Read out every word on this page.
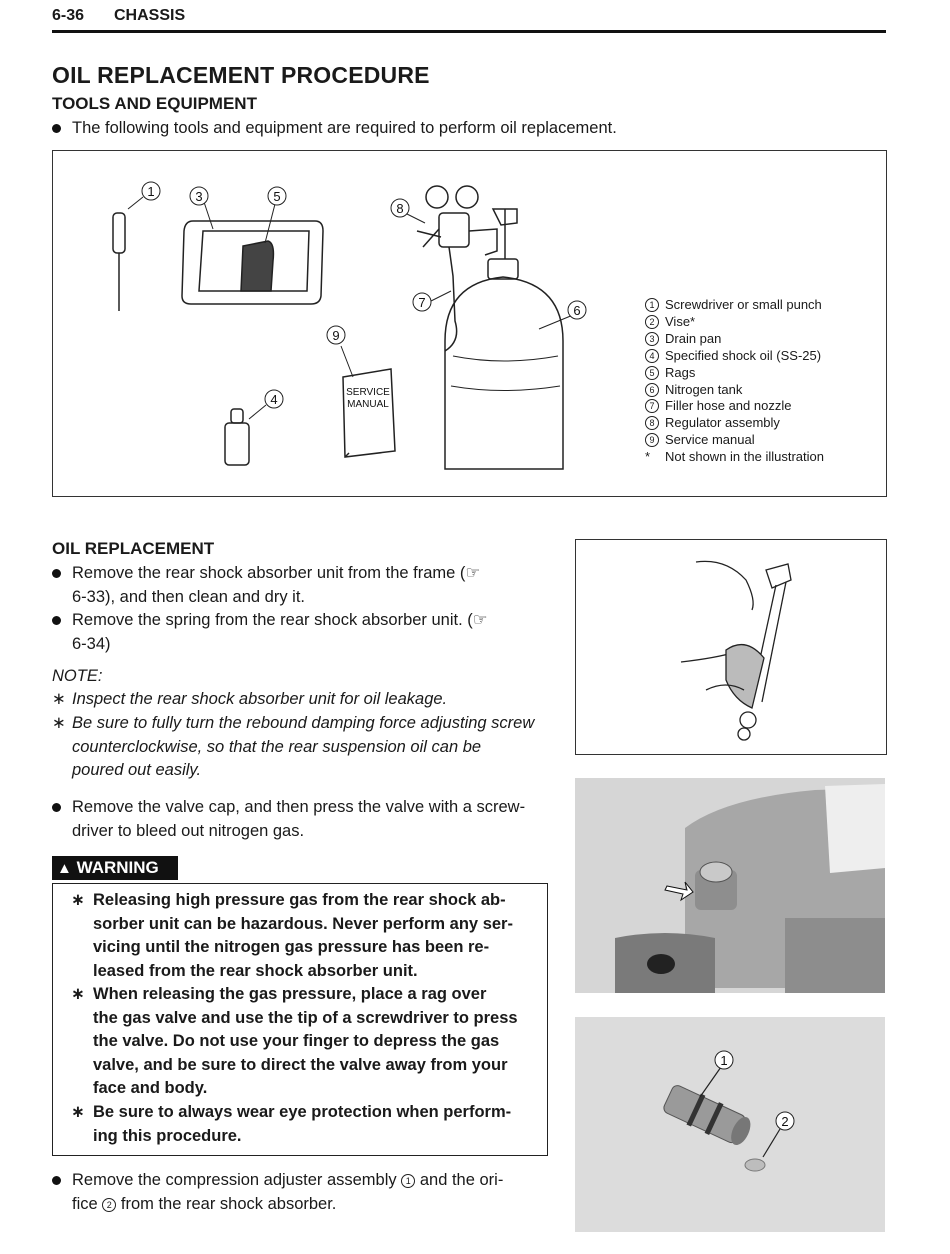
6-36 CHASSIS
OIL REPLACEMENT PROCEDURE
TOOLS AND EQUIPMENT
The following tools and equipment are required to perform oil replacement.
1	3	5
8
7
6
9
4	SERVICE
MANUAL
1 Screwdriver or small punch
2 Vise*
3 Drain pan
4 Specified shock oil (SS-25)
5 Rags
6 Nitrogen tank
7 Filler hose and nozzle
8 Regulator assembly
9 Service manual
* Not shown in the illustration
OIL REPLACEMENT
Remove the rear shock absorber unit from the frame (☞
6-33), and then clean and dry it.
Remove the spring from the rear shock absorber unit. (☞
6-34)
NOTE:
∗ Inspect the rear shock absorber unit for oil leakage.
∗ Be sure to fully turn the rebound damping force adjusting screw
counterclockwise, so that the rear suspension oil can be
poured out easily.
Remove the valve cap, and then press the valve with a screw-
driver to bleed out nitrogen gas.
▲ WARNING
∗ Releasing high pressure gas from the rear shock ab-
sorber unit can be hazardous. Never perform any ser-
vicing until the nitrogen gas pressure has been re-
leased from the rear shock absorber unit.
∗ When releasing the gas pressure, place a rag over
the gas valve and use the tip of a screwdriver to press
the valve. Do not use your finger to depress the gas
valve, and be sure to direct the valve away from your
face and body.
∗ Be sure to always wear eye protection when perform-
ing this procedure.
Remove the compression adjuster assembly 1 and the ori-
fice 2 from the rear shock absorber.
1
2
